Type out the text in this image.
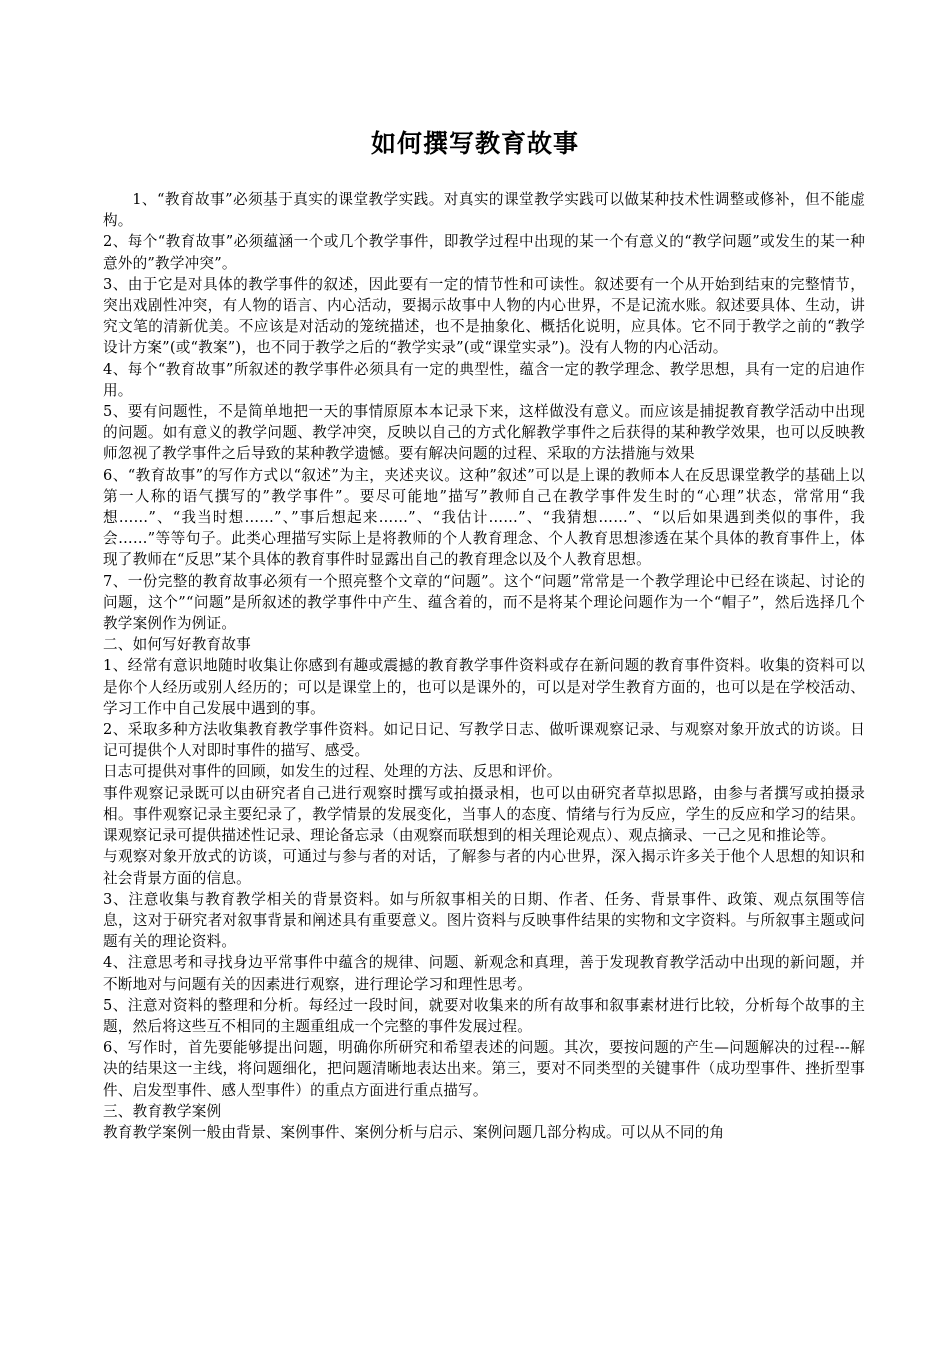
如何撰写教育故事

1、“教育故事”必须基于真实的课堂教学实践。对真实的课堂教学实践可以做某种技术性调整或修补，但不能虚构。

2、每个“教育故事”必须蕴涵一个或几个教学事件，即教学过程中出现的某一个有意义的“教学问题”或发生的某一种意外的”教学冲突”。

3、由于它是对具体的教学事件的叙述，因此要有一定的情节性和可读性。叙述要有一个从开始到结束的完整情节，突出戏剧性冲突，有人物的语言、内心活动，要揭示故事中人物的内心世界，不是记流水账。叙述要具体、生动，讲究文笔的清新优美。不应该是对活动的笼统描述，也不是抽象化、概括化说明，应具体。它不同于教学之前的“教学设计方案”(或“教案”)，也不同于教学之后的“教学实录”(或“课堂实录”)。没有人物的内心活动。

4、每个“教育故事”所叙述的教学事件必须具有一定的典型性，蕴含一定的教学理念、教学思想，具有一定的启迪作用。

5、要有问题性，不是简单地把一天的事情原原本本记录下来，这样做没有意义。而应该是捕捉教育教学活动中出现的问题。如有意义的教学问题、教学冲突，反映以自己的方式化解教学事件之后获得的某种教学效果，也可以反映教师忽视了教学事件之后导致的某种教学遗憾。要有解决问题的过程、采取的方法措施与效果

6、“教育故事”的写作方式以“叙述”为主，夹述夹议。这种”叙述”可以是上课的教师本人在反思课堂教学的基础上以第一人称的语气撰写的”教学事件”。要尽可能地”描写”教师自己在教学事件发生时的“心理”状态，常常用“我想……”、“我当时想……”、”事后想起来……”、“我估计……”、“我猜想……”、“以后如果遇到类似的事件，我会……”等等句子。此类心理描写实际上是将教师的个人教育理念、个人教育思想渗透在某个具体的教育事件上，体现了教师在“反思”某个具体的教育事件时显露出自己的教育理念以及个人教育思想。

7、一份完整的教育故事必须有一个照亮整个文章的“问题”。这个“问题”常常是一个教学理论中已经在谈起、讨论的问题，这个”“问题”是所叙述的教学事件中产生、蕴含着的，而不是将某个理论问题作为一个“帽子”，然后选择几个教学案例作为例证。

二、如何写好教育故事

1、经常有意识地随时收集让你感到有趣或震撼的教育教学事件资料或存在新问题的教育事件资料。收集的资料可以是你个人经历或别人经历的；可以是课堂上的，也可以是课外的，可以是对学生教育方面的，也可以是在学校活动、学习工作中自己发展中遇到的事。

2、采取多种方法收集教育教学事件资料。如记日记、写教学日志、做听课观察记录、与观察对象开放式的访谈。日记可提供个人对即时事件的描写、感受。

日志可提供对事件的回顾，如发生的过程、处理的方法、反思和评价。

事件观察记录既可以由研究者自己进行观察时撰写或拍摄录相，也可以由研究者草拟思路，由参与者撰写或拍摄录相。事件观察记录主要纪录了，教学情景的发展变化，当事人的态度、情绪与行为反应，学生的反应和学习的结果。课观察记录可提供描述性记录、理论备忘录（由观察而联想到的相关理论观点）、观点摘录、一己之见和推论等。

与观察对象开放式的访谈，可通过与参与者的对话，了解参与者的内心世界，深入揭示许多关于他个人思想的知识和社会背景方面的信息。

3、注意收集与教育教学相关的背景资料。如与所叙事相关的日期、作者、任务、背景事件、政策、观点氛围等信息，这对于研究者对叙事背景和阐述具有重要意义。图片资料与反映事件结果的实物和文字资料。与所叙事主题或问题有关的理论资料。

4、注意思考和寻找身边平常事件中蕴含的规律、问题、新观念和真理，善于发现教育教学活动中出现的新问题，并不断地对与问题有关的因素进行观察，进行理论学习和理性思考。

5、注意对资料的整理和分析。每经过一段时间，就要对收集来的所有故事和叙事素材进行比较，分析每个故事的主题，然后将这些互不相同的主题重组成一个完整的事件发展过程。

6、写作时，首先要能够提出问题，明确你所研究和希望表述的问题。其次，要按问题的产生—问题解决的过程---解决的结果这一主线，将问题细化，把问题清晰地表达出来。第三，要对不同类型的关键事件（成功型事件、挫折型事件、启发型事件、感人型事件）的重点方面进行重点描写。

三、教育教学案例

教育教学案例一般由背景、案例事件、案例分析与启示、案例问题几部分构成。可以从不同的角
